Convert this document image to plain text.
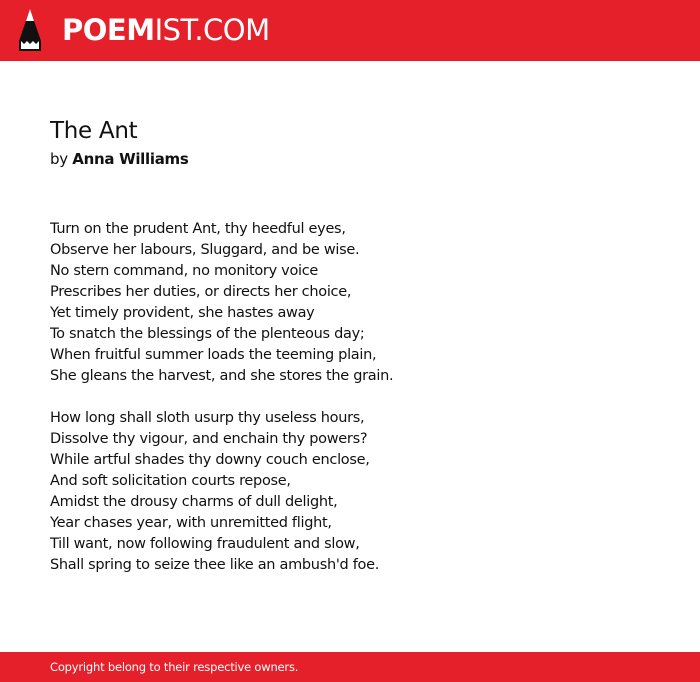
POEMIST.COM
The Ant
by Anna Williams
Turn on the prudent Ant, thy heedful eyes,
Observe her labours, Sluggard, and be wise.
No stern command, no monitory voice
Prescribes her duties, or directs her choice,
Yet timely provident, she hastes away
To snatch the blessings of the plenteous day;
When fruitful summer loads the teeming plain,
She gleans the harvest, and she stores the grain.
How long shall sloth usurp thy useless hours,
Dissolve thy vigour, and enchain thy powers?
While artful shades thy downy couch enclose,
And soft solicitation courts repose,
Amidst the drousy charms of dull delight,
Year chases year, with unremitted flight,
Till want, now following fraudulent and slow,
Shall spring to seize thee like an ambush'd foe.
Copyright belong to their respective owners.
